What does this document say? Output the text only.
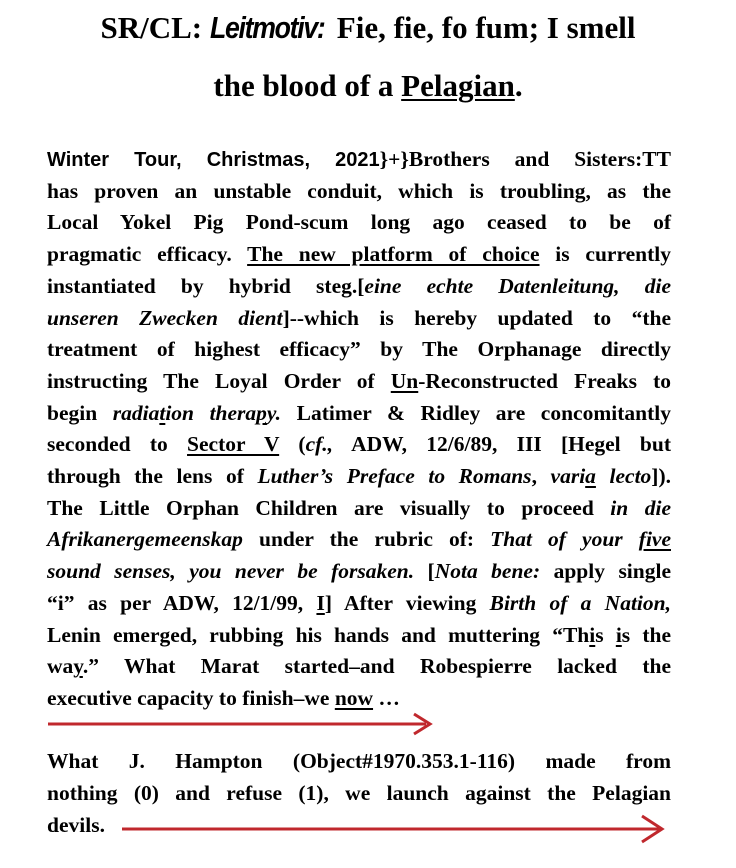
SR/CL: Leitmotiv: Fie, fie, fo fum; I smell
the blood of a Pelagian.
Winter Tour, Christmas, 2021}+}Brothers and Sisters:TT
has proven an unstable conduit, which is troubling, as the
Local Yokel Pig Pond-scum long ago ceased to be of
pragmatic efficacy. The new platform of choice is currently
instantiated by hybrid steg.[eine echte Datenleitung, die
unseren Zwecken dient]--which is hereby updated to “the
treatment of highest efficacy” by The Orphanage directly
instructing The Loyal Order of Un-Reconstructed Freaks to
begin radiation therapy. Latimer & Ridley are concomitantly
seconded to Sector V (cf., ADW, 12/6/89, III [Hegel but
through the lens of Luther’s Preface to Romans, varia lecto]).
The Little Orphan Children are visually to proceed in die
Afrikanergemeenskap under the rubric of: That of your five
sound senses, you never be forsaken. [Nota bene: apply single
“i” as per ADW, 12/1/99, I] After viewing Birth of a Nation,
Lenin emerged, rubbing his hands and muttering “This is the
way.” What Marat started–and Robespierre lacked the
executive capacity to finish–we now …
What J. Hampton (Object#1970.353.1-116) made from
nothing (0) and refuse (1), we launch against the Pelagian
devils.
